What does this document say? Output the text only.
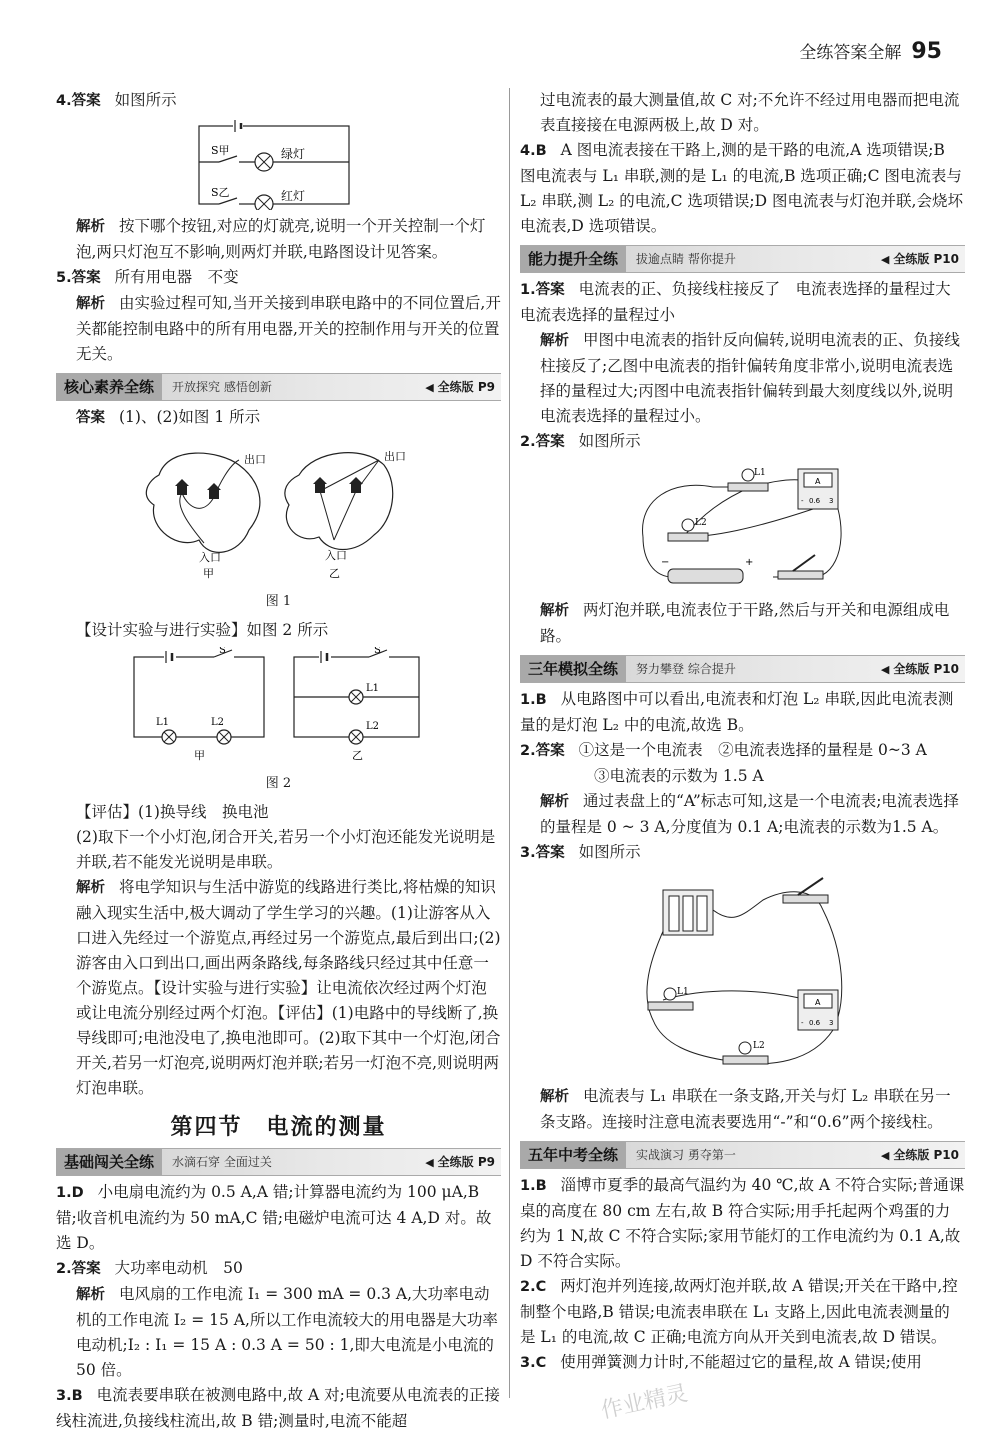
全练答案全解 95

4.答案 如图所示

S甲
S乙
绿灯
红灯

解析 按下哪个按钮,对应的灯就亮,说明一个开关控制一个灯泡,两只灯泡互不影响,则两灯并联,电路图设计见答案。

5.答案 所有用电器　不变

解析 由实验过程可知,当开关接到串联电路中的不同位置后,开关都能控制电路中的所有用电器,开关的控制作用与开关的位置无关。

核心素养全练	开放探究 感悟创新	◀ 全练版 P9

答案 (1)、(2)如图 1 所示

出口	出口
入口	入口
甲	乙

图 1

【设计实验与进行实验】如图 2 所示

S
L1	L2
甲
S
L1
L2
乙

图 2

【评估】(1)换导线　换电池

(2)取下一个小灯泡,闭合开关,若另一个小灯泡还能发光说明是并联,若不能发光说明是串联。

解析 将电学知识与生活中游览的线路进行类比,将枯燥的知识融入现实生活中,极大调动了学生学习的兴趣。(1)让游客从入口进入先经过一个游览点,再经过另一个游览点,最后到出口;(2)游客由入口到出口,画出两条路线,每条路线只经过其中任意一个游览点。【设计实验与进行实验】让电流依次经过两个灯泡或让电流分别经过两个灯泡。【评估】(1)电路中的导线断了,换导线即可;电池没电了,换电池即可。(2)取下其中一个灯泡,闭合开关,若另一灯泡亮,说明两灯泡并联;若另一灯泡不亮,则说明两灯泡串联。

第四节　电流的测量
基础闯关全练	水滴石穿 全面过关	◀ 全练版 P9

1.D 小电扇电流约为 0.5 A,A 错;计算器电流约为 100 μA,B 错;收音机电流约为 50 mA,C 错;电磁炉电流可达 4 A,D 对。故选 D。

2.答案 大功率电动机　50

解析 电风扇的工作电流 I₁ = 300 mA = 0.3 A,大功率电动机的工作电流 I₂ = 15 A,所以工作电流较大的用电器是大功率电动机;I₂ : I₁ = 15 A : 0.3 A = 50 : 1,即大电流是小电流的 50 倍。

3.B 电流表要串联在被测电路中,故 A 对;电流要从电流表的正接线柱流进,负接线柱流出,故 B 错;测量时,电流不能超

过电流表的最大测量值,故 C 对;不允许不经过用电器而把电流表直接接在电源两极上,故 D 对。

4.B A 图电流表接在干路上,测的是干路的电流,A 选项错误;B 图电流表与 L₁ 串联,测的是 L₁ 的电流,B 选项正确;C 图电流表与 L₂ 串联,测 L₂ 的电流,C 选项错误;D 图电流表与灯泡并联,会烧坏电流表,D 选项错误。

能力提升全练	拔逾点睛 帮你提升	◀ 全练版 P10

1.答案 电流表的正、负接线柱接反了　电流表选择的量程过大　电流表选择的量程过小

解析 甲图中电流表的指针反向偏转,说明电流表的正、负接线柱接反了;乙图中电流表的指针偏转角度非常小,说明电流表选择的量程过大;丙图中电流表指针偏转到最大刻度线以外,说明电流表选择的量程过小。

2.答案 如图所示

L1
L2
A
- 0.6 3
−	+

解析 两灯泡并联,电流表位于干路,然后与开关和电源组成电路。

三年模拟全练	努力攀登 综合提升	◀ 全练版 P10

1.B 从电路图中可以看出,电流表和灯泡 L₂ 串联,因此电流表测量的是灯泡 L₂ 中的电流,故选 B。

2.答案 ①这是一个电流表　②电流表选择的量程是 0~3 A

③电流表的示数为 1.5 A

解析 通过表盘上的“A”标志可知,这是一个电流表;电流表选择的量程是 0 ~ 3 A,分度值为 0.1 A;电流表的示数为1.5 A。

3.答案 如图所示

L1
L2
A
- 0.6 3

解析 电流表与 L₁ 串联在一条支路,开关与灯 L₂ 串联在另一条支路。连接时注意电流表要选用“-”和“0.6”两个接线柱。

五年中考全练	实战演习 勇夺第一	◀ 全练版 P10

1.B 淄博市夏季的最高气温约为 40 ℃,故 A 不符合实际;普通课桌的高度在 80 cm 左右,故 B 符合实际;用手托起两个鸡蛋的力约为 1 N,故 C 不符合实际;家用节能灯的工作电流约为 0.1 A,故 D 不符合实际。

2.C 两灯泡并列连接,故两灯泡并联,故 A 错误;开关在干路中,控制整个电路,B 错误;电流表串联在 L₁ 支路上,因此电流表测量的是 L₁ 的电流,故 C 正确;电流方向从开关到电流表,故 D 错误。

3.C 使用弹簧测力计时,不能超过它的量程,故 A 错误;使用

作业精灵
